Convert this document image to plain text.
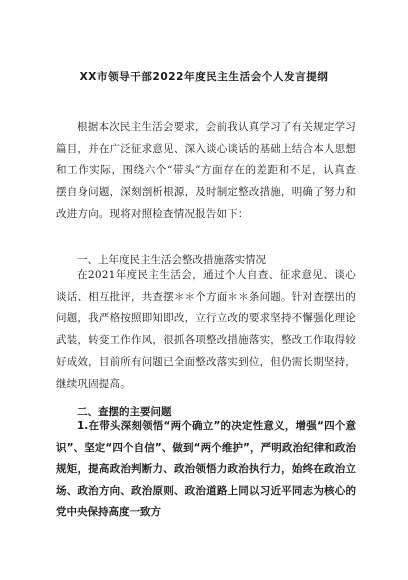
XX市领导干部2022年度民主生活会个人发言提纲
根据本次民主生活会要求，会前我认真学习了有关规定学习篇目，并在广泛征求意见、深入谈心谈话的基础上结合本人思想和工作实际，围绕六个“带头”方面存在的差距和不足，认真查摆自身问题，深刻剖析根源，及时制定整改措施，明确了努力和改进方向。现将对照检查情况报告如下：
一、上年度民主生活会整改措施落实情况
在2021年度民主生活会，通过个人自查、征求意见、谈心谈话、相互批评，共查摆＊＊个方面＊＊条问题。针对查摆出的问题，我严格按照即知即改，立行立改的要求坚持不懈强化理论武装，转变工作作风，很抓各项整改措施落实，整改工作取得较好成效，目前所有问题已全面整改落实到位，但仍需长期坚持，继续巩固提高。
二、查摆的主要问题
1.在带头深刻领悟“两个确立”的决定性意义，增强“四个意识”、坚定“四个自信”、做到“两个维护”，严明政治纪律和政治规矩，提高政治判断力、政治领悟力政治执行力，始终在政治立场、政治方向、政治原则、政治道路上同以习近平同志为核心的党中央保持高度一致方
